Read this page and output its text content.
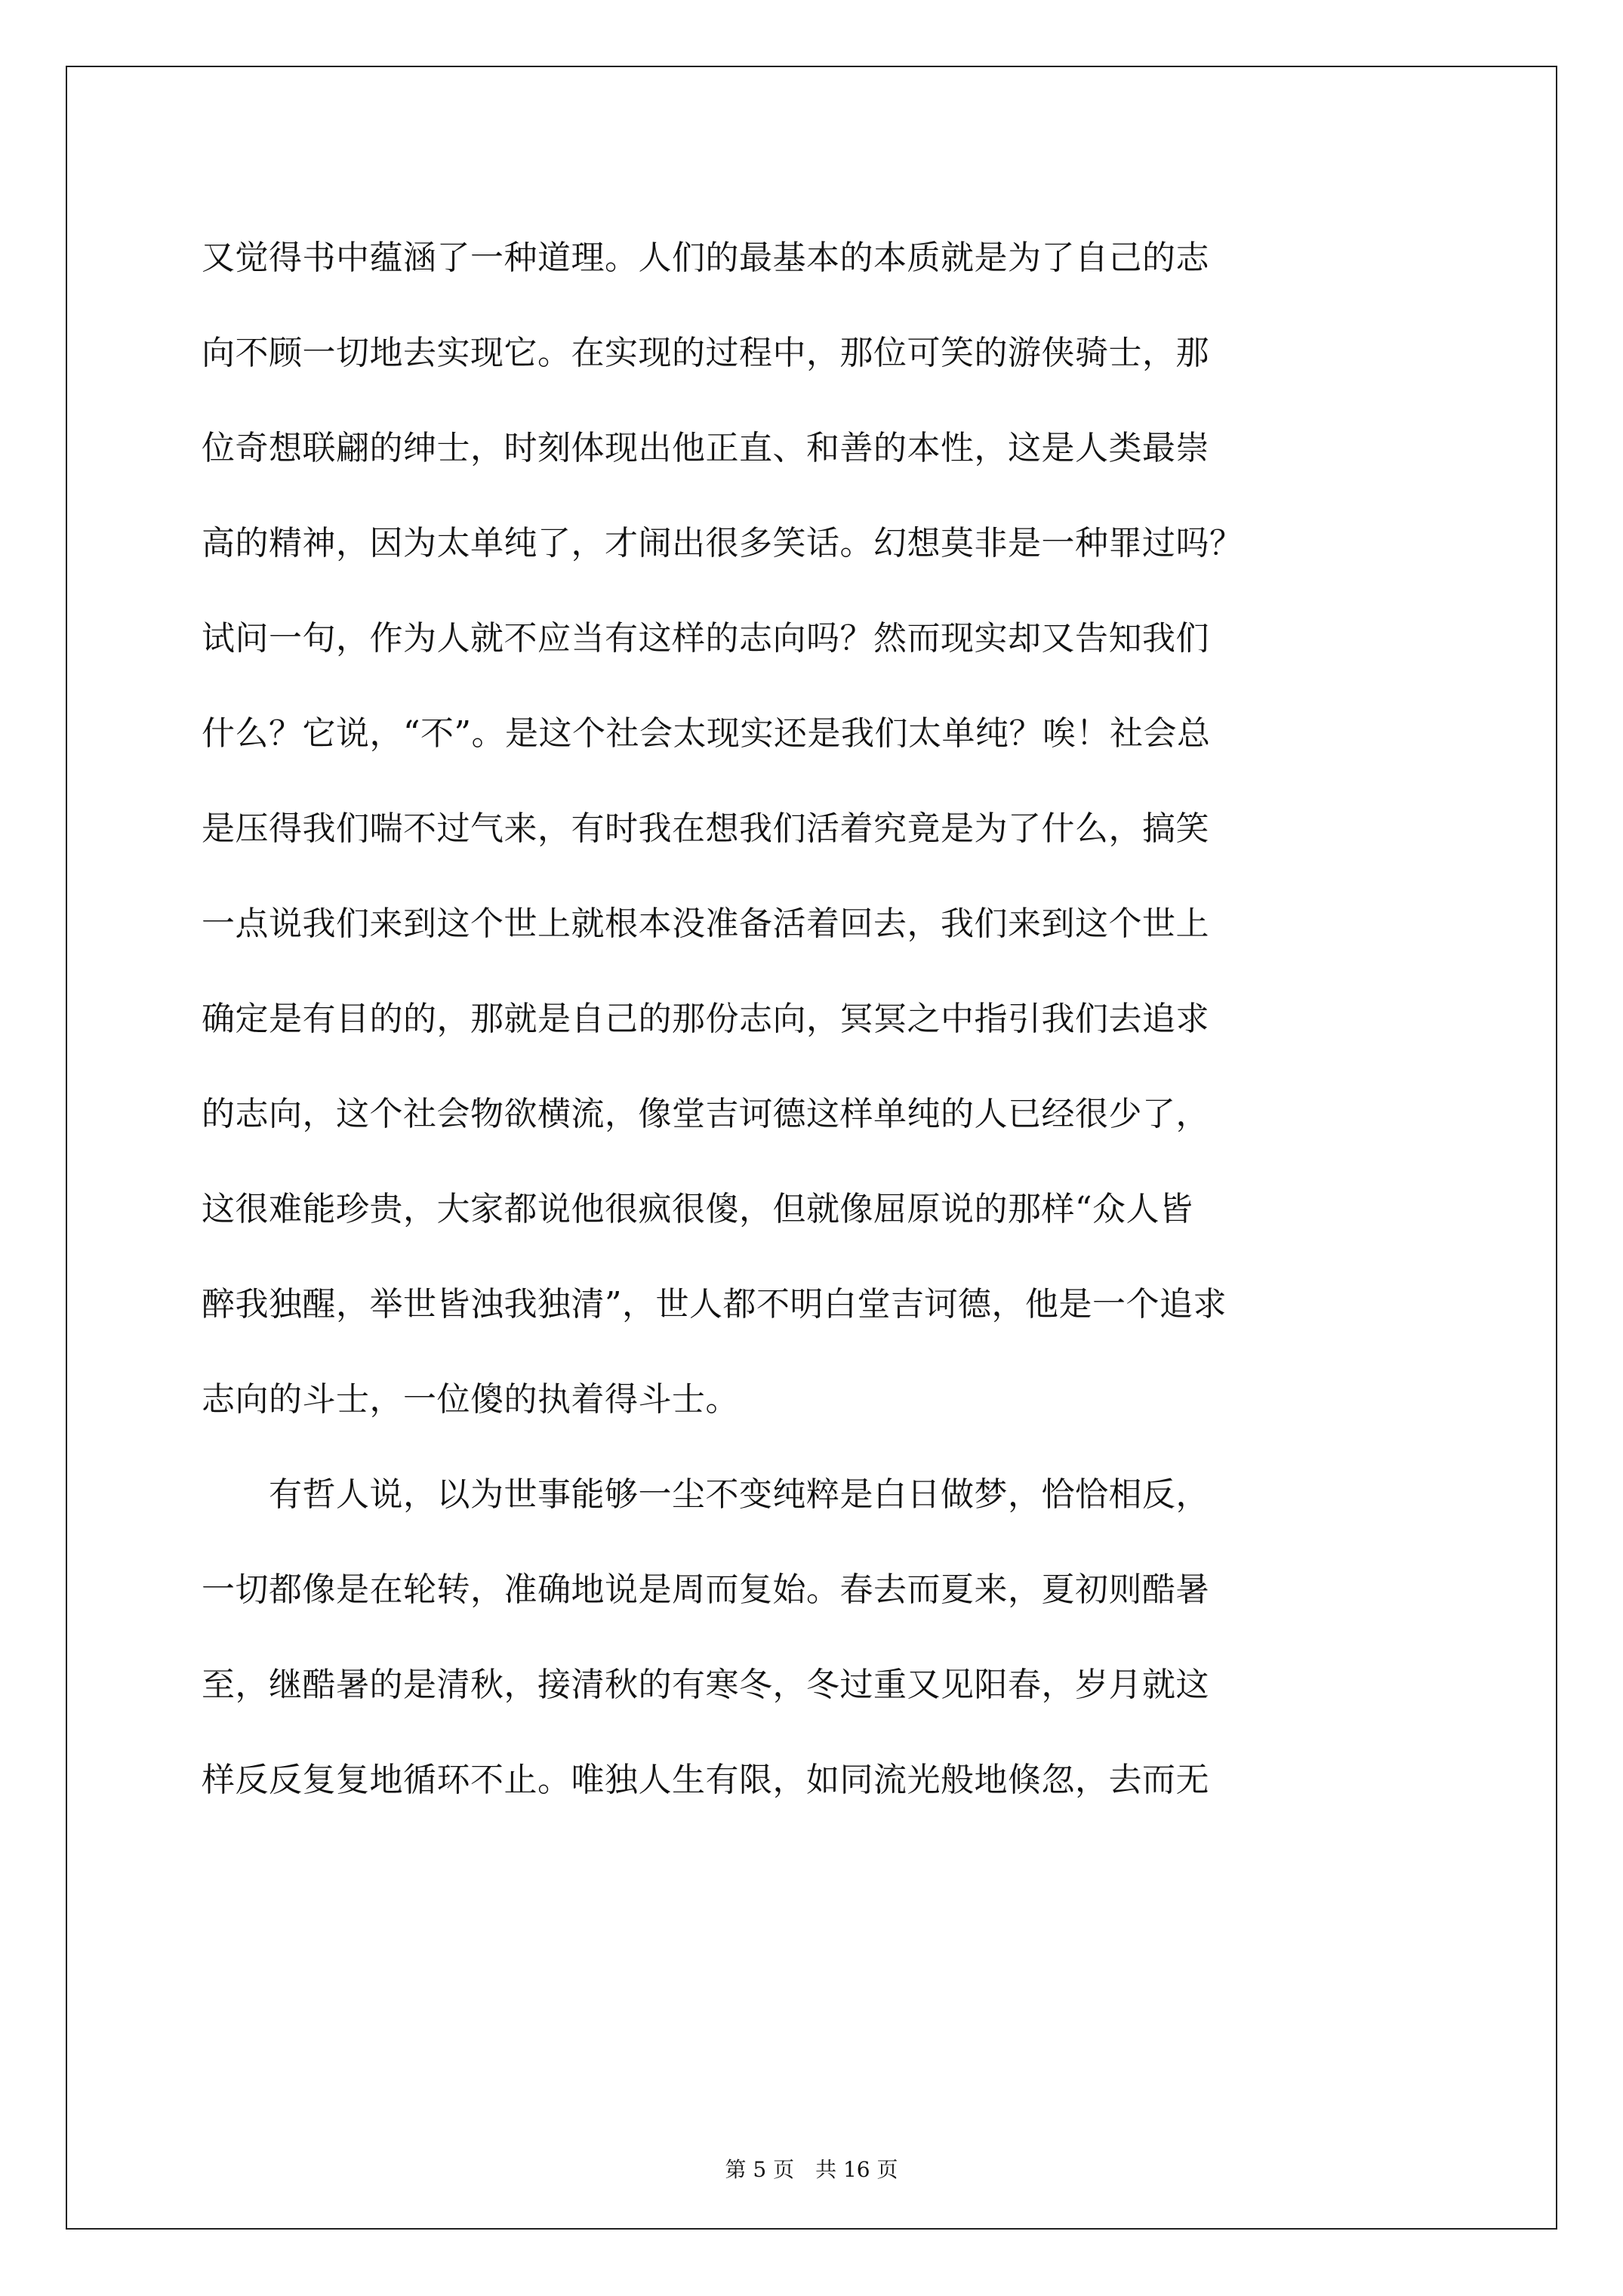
又觉得书中蕴涵了一种道理。人们的最基本的本质就是为了自己的志
向不顾一切地去实现它。在实现的过程中，那位可笑的游侠骑士，那
位奇想联翩的绅士，时刻体现出他正直、和善的本性，这是人类最崇
高的精神，因为太单纯了，才闹出很多笑话。幻想莫非是一种罪过吗？
试问一句，作为人就不应当有这样的志向吗？然而现实却又告知我们
什么？它说，“不”。是这个社会太现实还是我们太单纯？唉！社会总
是压得我们喘不过气来，有时我在想我们活着究竟是为了什么，搞笑
一点说我们来到这个世上就根本没准备活着回去，我们来到这个世上
确定是有目的的，那就是自己的那份志向，冥冥之中指引我们去追求
的志向，这个社会物欲横流，像堂吉诃德这样单纯的人已经很少了，
这很难能珍贵，大家都说他很疯很傻，但就像屈原说的那样“众人皆
醉我独醒，举世皆浊我独清”，世人都不明白堂吉诃德，他是一个追求
志向的斗士，一位傻的执着得斗士。
　　有哲人说，以为世事能够一尘不变纯粹是白日做梦，恰恰相反，
一切都像是在轮转，准确地说是周而复始。春去而夏来，夏初则酷暑
至，继酷暑的是清秋，接清秋的有寒冬，冬过重又见阳春，岁月就这
样反反复复地循环不止。唯独人生有限，如同流光般地倏忽，去而无
第 5 页　共 16 页
